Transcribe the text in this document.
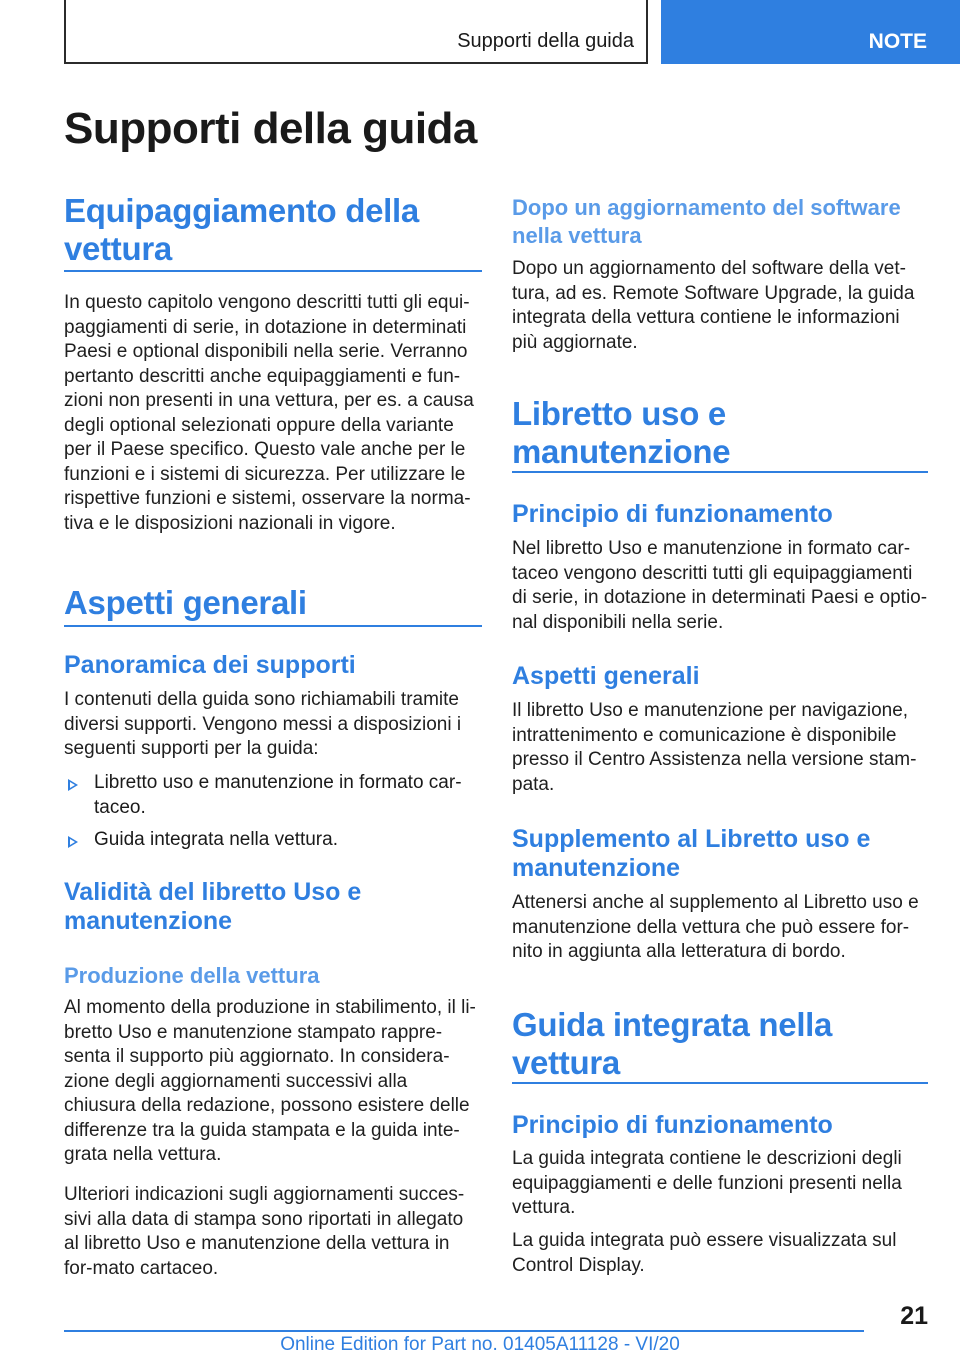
Supporti della guida	NOTE
Supporti della guida
Equipaggiamento della vettura
In questo capitolo vengono descritti tutti gli equi-paggiamenti di serie, in dotazione in determinati Paesi e optional disponibili nella serie. Verranno pertanto descritti anche equipaggiamenti e fun-zioni non presenti in una vettura, per es. a causa degli optional selezionati oppure della variante per il Paese specifico. Questo vale anche per le funzioni e i sistemi di sicurezza. Per utilizzare le rispettive funzioni e sistemi, osservare la norma-tiva e le disposizioni nazionali in vigore.
Aspetti generali
Panoramica dei supporti
I contenuti della guida sono richiamabili tramite diversi supporti. Vengono messi a disposizioni i seguenti supporti per la guida:
Libretto uso e manutenzione in formato car-taceo.
Guida integrata nella vettura.
Validità del libretto Uso e manutenzione
Produzione della vettura
Al momento della produzione in stabilimento, il li-bretto Uso e manutenzione stampato rappre-senta il supporto più aggiornato. In considera-zione degli aggiornamenti successivi alla chiusura della redazione, possono esistere delle differenze tra la guida stampata e la guida inte-grata nella vettura.
Ulteriori indicazioni sugli aggiornamenti succes-sivi alla data di stampa sono riportati in allegato al libretto Uso e manutenzione della vettura in for-mato cartaceo.
Dopo un aggiornamento del software nella vettura
Dopo un aggiornamento del software della vet-tura, ad es. Remote Software Upgrade, la guida integrata della vettura contiene le informazioni più aggiornate.
Libretto uso e manutenzione
Principio di funzionamento
Nel libretto Uso e manutenzione in formato car-taceo vengono descritti tutti gli equipaggiamenti di serie, in dotazione in determinati Paesi e optio-nal disponibili nella serie.
Aspetti generali
Il libretto Uso e manutenzione per navigazione, intrattenimento e comunicazione è disponibile presso il Centro Assistenza nella versione stam-pata.
Supplemento al Libretto uso e manutenzione
Attenersi anche al supplemento al Libretto uso e manutenzione della vettura che può essere for-nito in aggiunta alla letteratura di bordo.
Guida integrata nella vettura
Principio di funzionamento
La guida integrata contiene le descrizioni degli equipaggiamenti e delle funzioni presenti nella vettura.
La guida integrata può essere visualizzata sul Control Display.
21
Online Edition for Part no. 01405A11128 - VI/20
